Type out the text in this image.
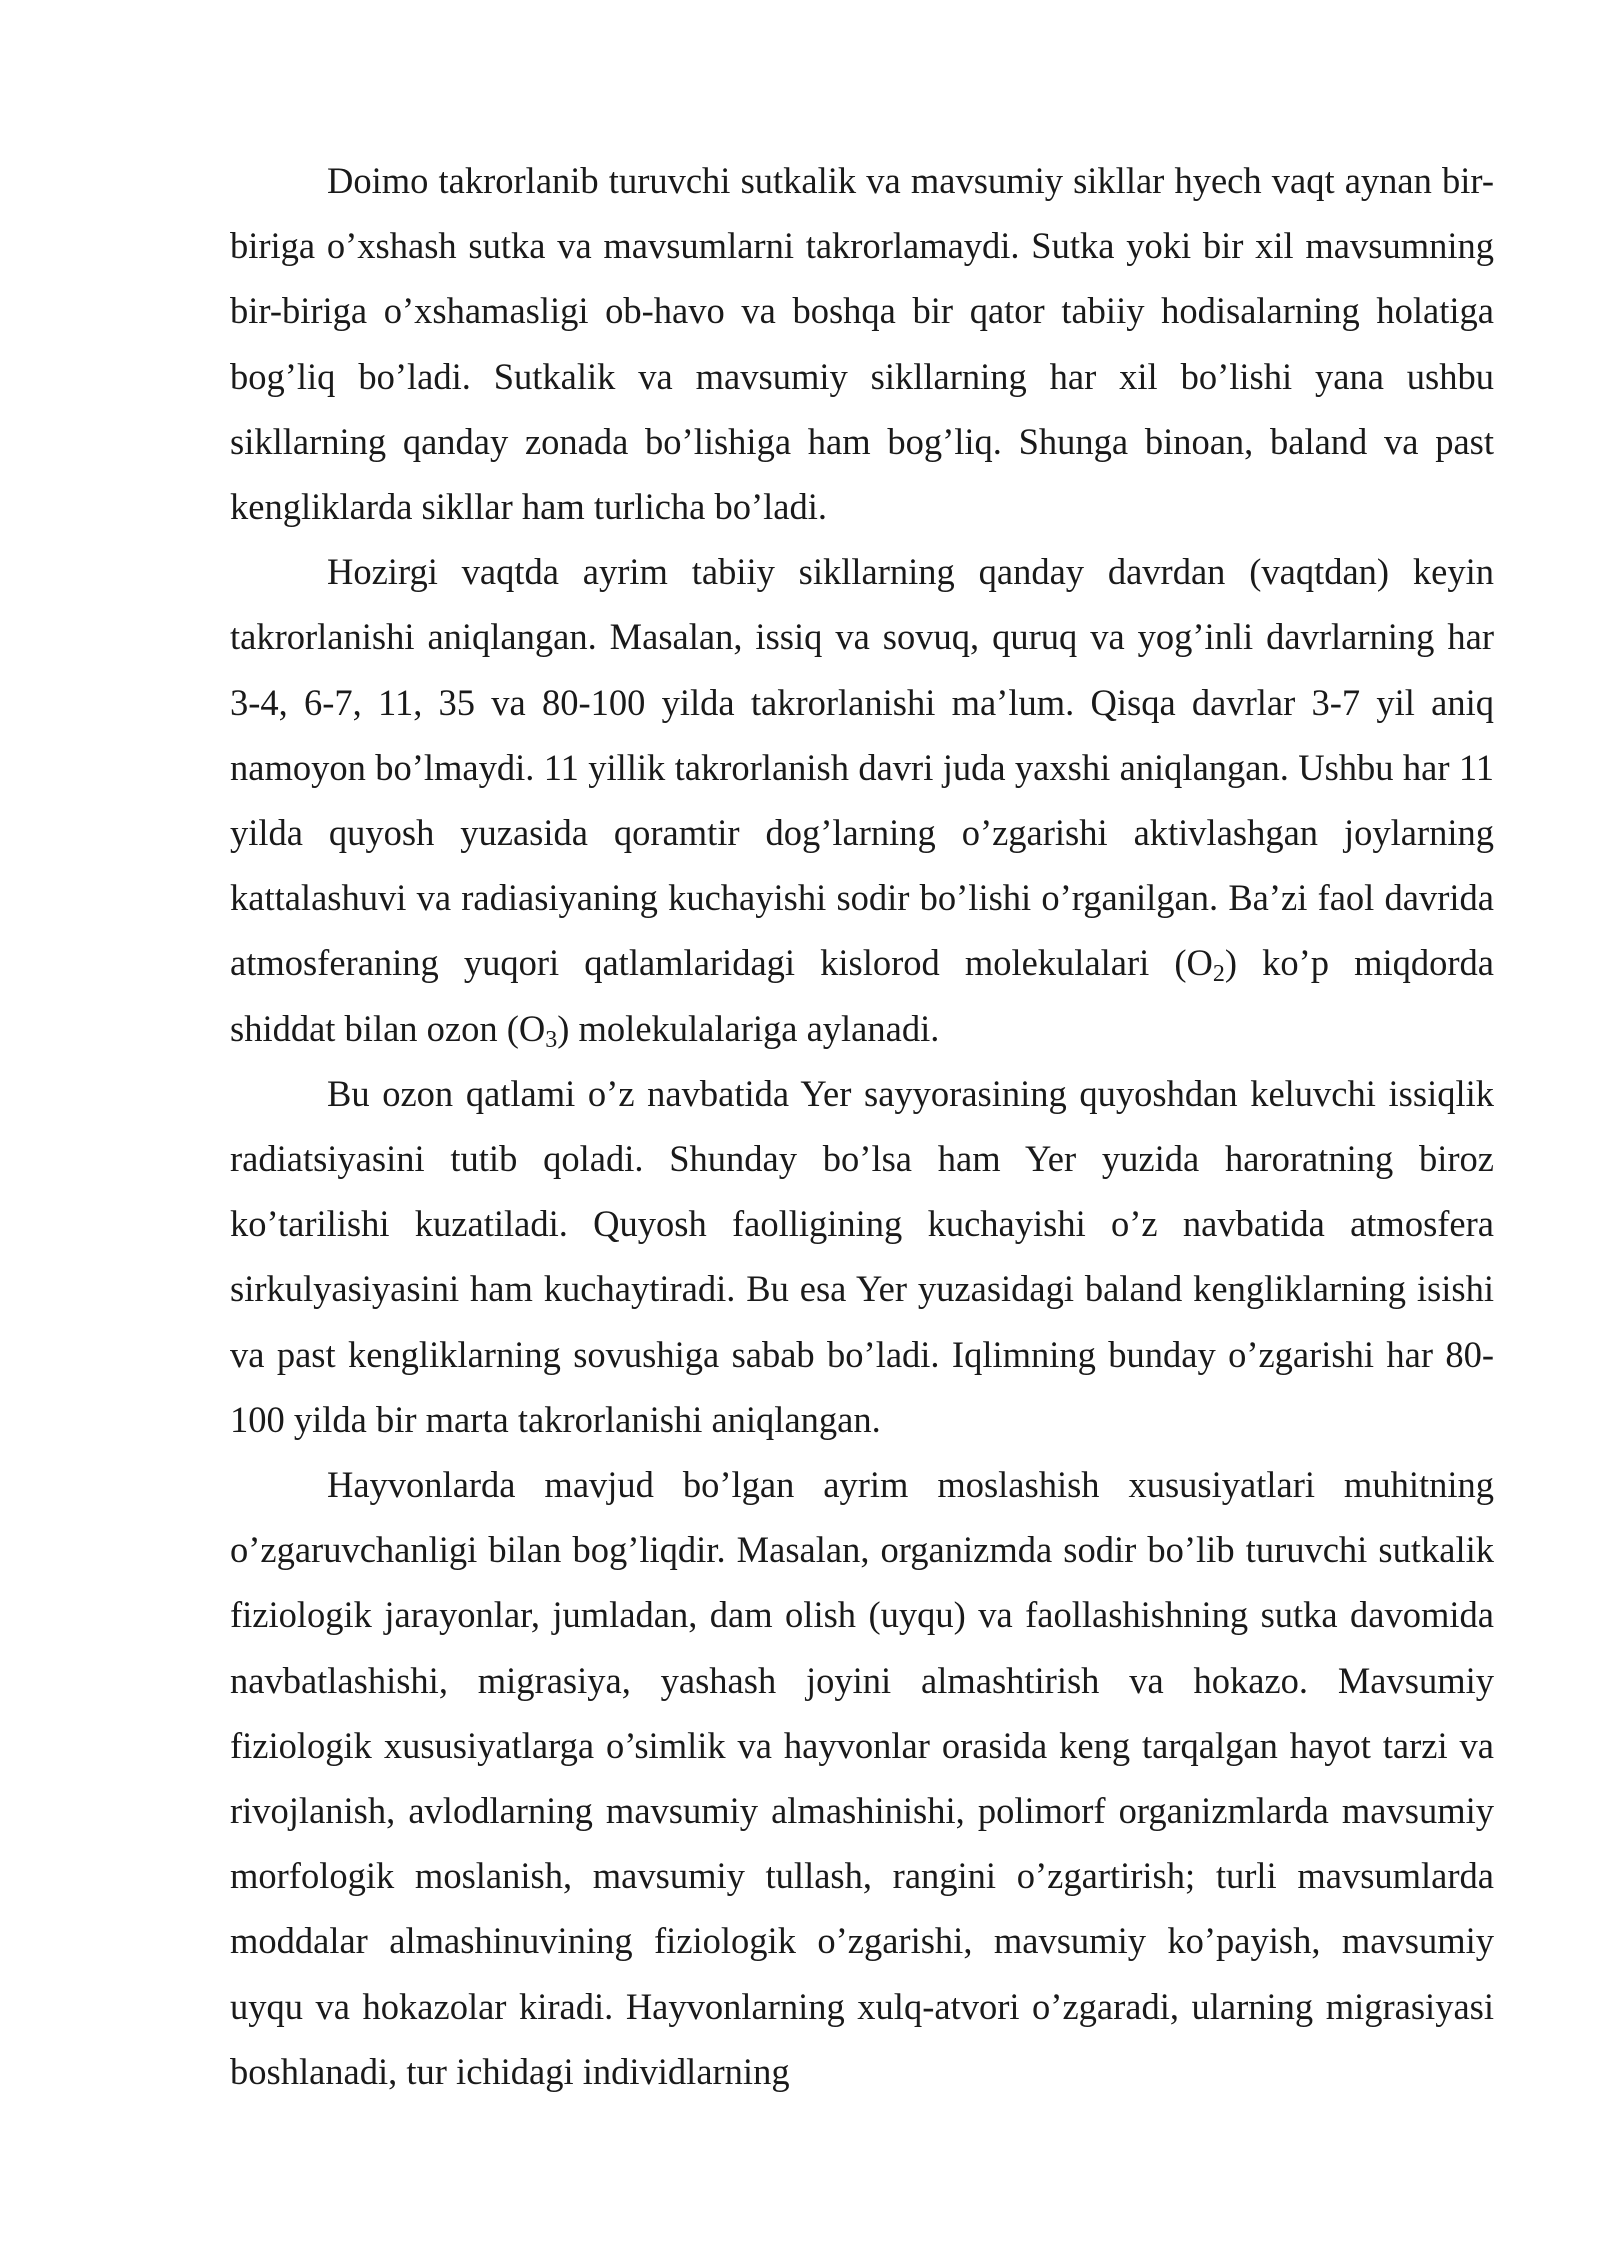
Doimo takrorlanib turuvchi sutkalik va mavsumiy sikllar hyech vaqt aynan bir-biriga o’xshash sutka va mavsumlarni takrorlamaydi. Sutka yoki bir xil mavsumning bir-biriga o’xshamasligi ob-havo va boshqa bir qator tabiiy hodisalarning holatiga bog’liq bo’ladi. Sutkalik va mavsumiy sikllarning har xil bo’lishi yana ushbu sikllarning qanday zonada bo’lishiga ham bog’liq. Shunga binoan, baland va past kengliklarda sikllar ham turlicha bo’ladi.

Hozirgi vaqtda ayrim tabiiy sikllarning qanday davrdan (vaqtdan) keyin takrorlanishi aniqlangan. Masalan, issiq va sovuq, quruq va yog’inli davrlarning har 3-4, 6-7, 11, 35 va 80-100 yilda takrorlanishi ma’lum. Qisqa davrlar 3-7 yil aniq namoyon bo’lmaydi. 11 yillik takrorlanish davri juda yaxshi aniqlangan. Ushbu har 11 yilda quyosh yuzasida qoramtir dog’larning o’zgarishi aktivlashgan joylarning kattalashuvi va radiasiyaning kuchayishi sodir bo’lishi o’rganilgan. Ba’zi faol davrida atmosferaning yuqori qatlamlaridagi kislorod molekulalari $(O_2)$ ko’p miqdorda shiddat bilan ozon $(O_3)$ molekulalariga aylanadi.

Bu ozon qatlami o’z navbatida Yer sayyorasining quyoshdan keluvchi issiqlik radiatsiyasini tutib qoladi. Shunday bo’lsa ham Yer yuzida haroratning biroz ko’tarilishi kuzatiladi. Quyosh faolligining kuchayishi o’z navbatida atmosfera sirkulyasiyasini ham kuchaytiradi. Bu esa Yer yuzasidagi baland kengliklarning isishi va past kengliklarning sovushiga sabab bo’ladi. Iqlimning bunday o’zgarishi har 80-100 yilda bir marta takrorlanishi aniqlangan.

Hayvonlarda mavjud bo’lgan ayrim moslashish xususiyatlari muhitning o’zgaruvchanligi bilan bog’liqdir. Masalan, organizmda sodir bo’lib turuvchi sutkalik fiziologik jarayonlar, jumladan, dam olish (uyqu) va faollashishning sutka davomida navbatlashishi, migrasiya, yashash joyini almashtirish va hokazo. Mavsumiy fiziologik xususiyatlarga o’simlik va hayvonlar orasida keng tarqalgan hayot tarzi va rivojlanish, avlodlarning mavsumiy almashinishi, polimorf organizmlarda mavsumiy morfologik moslanish, mavsumiy tullash, rangini o’zgartirish; turli mavsumlarda moddalar almashinuvining fiziologik o’zgarishi, mavsumiy ko’payish, mavsumiy uyqu va hokazolar kiradi. Hayvonlarning xulq-atvori o’zgaradi, ularning migrasiyasi boshlanadi, tur ichidagi individlarning
